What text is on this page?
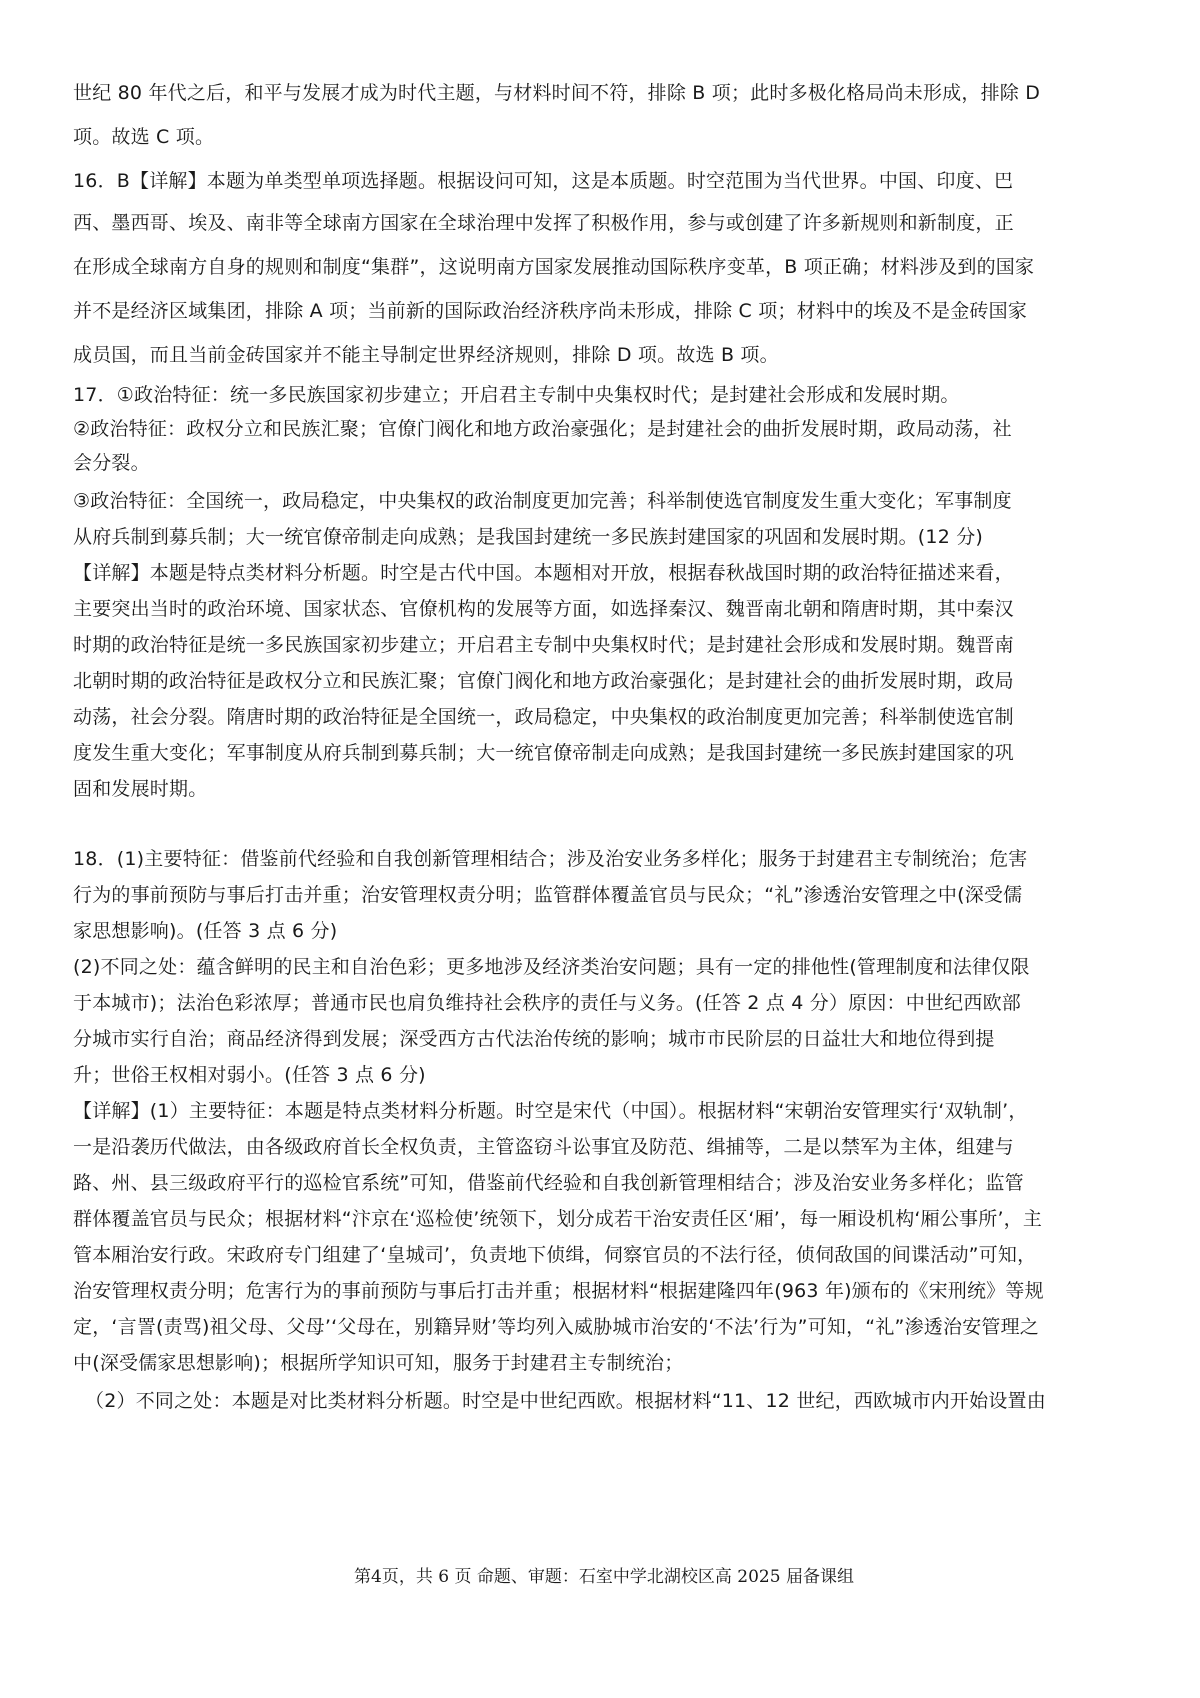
世纪 80 年代之后，和平与发展才成为时代主题，与材料时间不符，排除 B 项；此时多极化格局尚未形成，排除 D
项。故选 C 项。
16．B【详解】本题为单类型单项选择题。根据设问可知，这是本质题。时空范围为当代世界。中国、印度、巴
西、墨西哥、埃及、南非等全球南方国家在全球治理中发挥了积极作用，参与或创建了许多新规则和新制度，正
在形成全球南方自身的规则和制度“集群”，这说明南方国家发展推动国际秩序变革，B 项正确；材料涉及到的国家
并不是经济区域集团，排除 A 项；当前新的国际政治经济秩序尚未形成，排除 C 项；材料中的埃及不是金砖国家
成员国，而且当前金砖国家并不能主导制定世界经济规则，排除 D 项。故选 B 项。
17．①政治特征：统一多民族国家初步建立；开启君主专制中央集权时代；是封建社会形成和发展时期。
②政治特征：政权分立和民族汇聚；官僚门阀化和地方政治豪强化；是封建社会的曲折发展时期，政局动荡，社
会分裂。
③政治特征：全国统一，政局稳定，中央集权的政治制度更加完善；科举制使选官制度发生重大变化；军事制度
从府兵制到募兵制；大一统官僚帝制走向成熟；是我国封建统一多民族封建国家的巩固和发展时期。(12 分)
【详解】本题是特点类材料分析题。时空是古代中国。本题相对开放，根据春秋战国时期的政治特征描述来看，
主要突出当时的政治环境、国家状态、官僚机构的发展等方面，如选择秦汉、魏晋南北朝和隋唐时期，其中秦汉
时期的政治特征是统一多民族国家初步建立；开启君主专制中央集权时代；是封建社会形成和发展时期。魏晋南
北朝时期的政治特征是政权分立和民族汇聚；官僚门阀化和地方政治豪强化；是封建社会的曲折发展时期，政局
动荡，社会分裂。隋唐时期的政治特征是全国统一，政局稳定，中央集权的政治制度更加完善；科举制使选官制
度发生重大变化；军事制度从府兵制到募兵制；大一统官僚帝制走向成熟；是我国封建统一多民族封建国家的巩
固和发展时期。
18．(1)主要特征：借鉴前代经验和自我创新管理相结合；涉及治安业务多样化；服务于封建君主专制统治；危害
行为的事前预防与事后打击并重；治安管理权责分明；监管群体覆盖官员与民众；“礼”渗透治安管理之中(深受儒
家思想影响)。(任答 3 点 6 分)
(2)不同之处：蕴含鲜明的民主和自治色彩；更多地涉及经济类治安问题；具有一定的排他性(管理制度和法律仅限
于本城市)；法治色彩浓厚；普通市民也肩负维持社会秩序的责任与义务。(任答 2 点 4 分）原因：中世纪西欧部
分城市实行自治；商品经济得到发展；深受西方古代法治传统的影响；城市市民阶层的日益壮大和地位得到提
升；世俗王权相对弱小。(任答 3 点 6 分)
【详解】(1）主要特征：本题是特点类材料分析题。时空是宋代（中国）。根据材料“宋朝治安管理实行‘双轨制’，
一是沿袭历代做法，由各级政府首长全权负责，主管盗窃斗讼事宜及防范、缉捕等，二是以禁军为主体，组建与
路、州、县三级政府平行的巡检官系统”可知，借鉴前代经验和自我创新管理相结合；涉及治安业务多样化；监管
群体覆盖官员与民众；根据材料“汴京在‘巡检使’统领下，划分成若干治安责任区‘厢’，每一厢设机构‘厢公事所’，主
管本厢治安行政。宋政府专门组建了‘皇城司’，负责地下侦缉，伺察官员的不法行径，侦伺敌国的间谍活动”可知，
治安管理权责分明；危害行为的事前预防与事后打击并重；根据材料“根据建隆四年(963 年)颁布的《宋刑统》等规
定，‘言詈(责骂)祖父母、父母’‘父母在，别籍异财’等均列入威胁城市治安的‘不法’行为”可知，“礼”渗透治安管理之
中(深受儒家思想影响)；根据所学知识可知，服务于封建君主专制统治；
（2）不同之处：本题是对比类材料分析题。时空是中世纪西欧。根据材料“11、12 世纪，西欧城市内开始设置由
第4页，共 6 页 命题、审题：石室中学北湖校区高 2025 届备课组
